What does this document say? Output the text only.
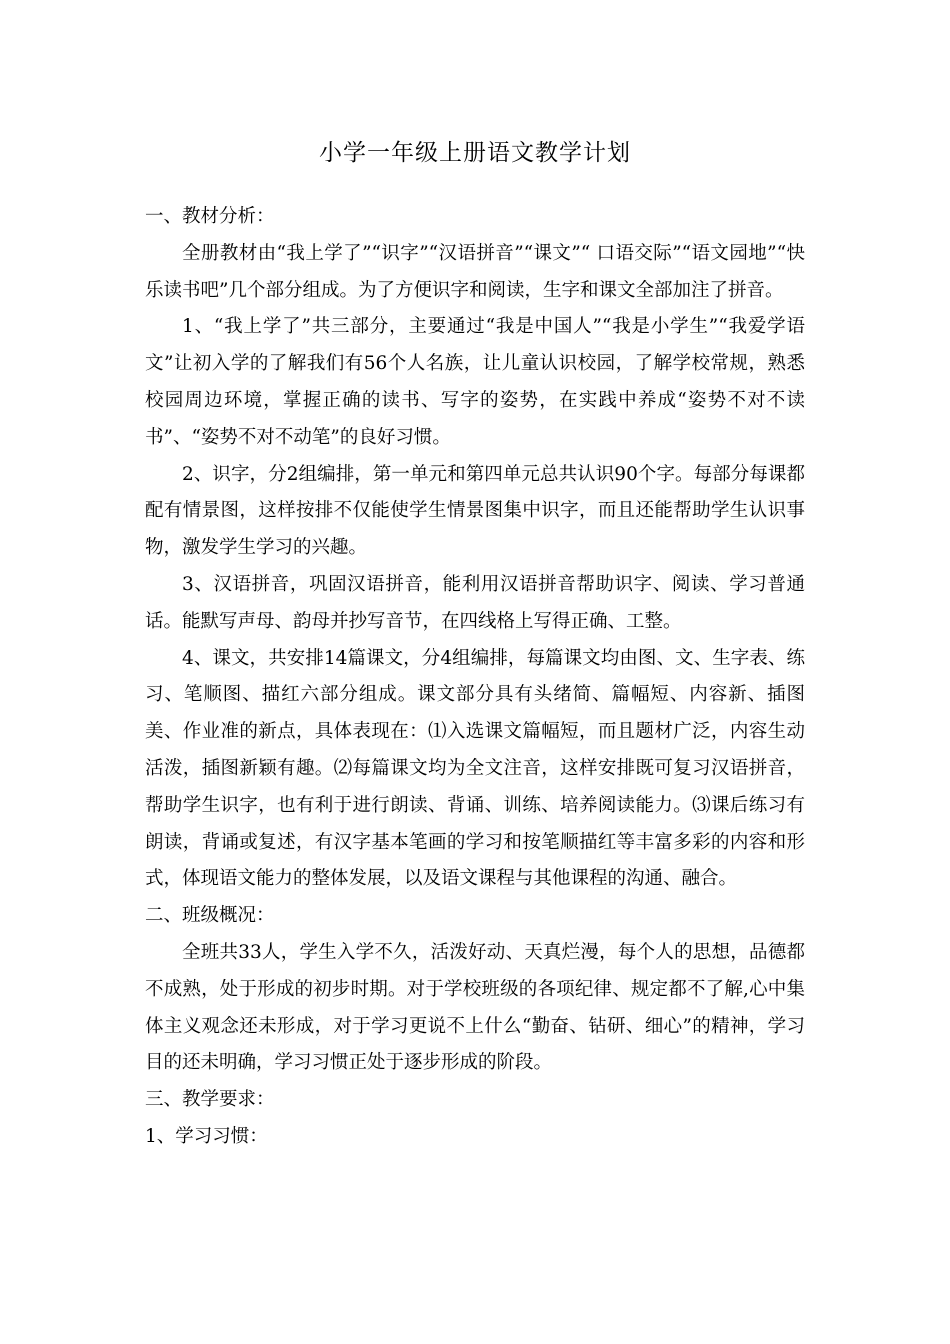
小学一年级上册语文教学计划

一、教材分析：

全册教材由“我上学了”“识字”“汉语拼音”“课文”“ 口语交际”“语文园地”“快乐读书吧”几个部分组成。为了方便识字和阅读，生字和课文全部加注了拼音。

1、“我上学了”共三部分，主要通过“我是中国人”“我是小学生”“我爱学语文”让初入学的了解我们有56个人名族，让儿童认识校园，了解学校常规，熟悉校园周边环境，掌握正确的读书、写字的姿势，在实践中养成“姿势不对不读书”、“姿势不对不动笔”的良好习惯。

2、识字，分2组编排，第一单元和第四单元总共认识90个字。每部分每课都配有情景图，这样按排不仅能使学生情景图集中识字，而且还能帮助学生认识事物，激发学生学习的兴趣。

3、汉语拼音，巩固汉语拼音，能利用汉语拼音帮助识字、阅读、学习普通话。能默写声母、韵母并抄写音节，在四线格上写得正确、工整。

4、课文，共安排14篇课文，分4组编排，每篇课文均由图、文、生字表、练习、笔顺图、描红六部分组成。课文部分具有头绪简、篇幅短、内容新、插图美、作业准的新点，具体表现在：⑴入选课文篇幅短，而且题材广泛，内容生动活泼，插图新颖有趣。⑵每篇课文均为全文注音，这样安排既可复习汉语拼音，帮助学生识字，也有利于进行朗读、背诵、训练、培养阅读能力。⑶课后练习有朗读，背诵或复述，有汉字基本笔画的学习和按笔顺描红等丰富多彩的内容和形式，体现语文能力的整体发展，以及语文课程与其他课程的沟通、融合。

二、班级概况：

全班共33人，学生入学不久，活泼好动、天真烂漫，每个人的思想，品德都不成熟，处于形成的初步时期。对于学校班级的各项纪律、规定都不了解,心中集体主义观念还未形成，对于学习更说不上什么“勤奋、钻研、细心”的精神，学习目的还未明确，学习习惯正处于逐步形成的阶段。

三、教学要求：

1、学习习惯：
